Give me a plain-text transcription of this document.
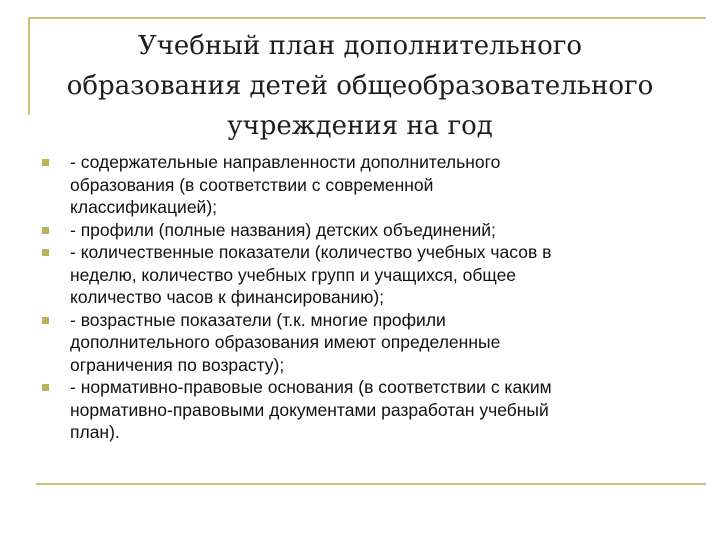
Учебный план дополнительного
образования детей общеобразовательного
учреждения на год
- содержательные направленности дополнительного
образования (в соответствии с современной
классификацией);
- профили (полные названия) детских объединений;
- количественные показатели (количество учебных часов в
неделю, количество учебных групп и учащихся, общее
количество часов к финансированию);
- возрастные показатели (т.к. многие профили
дополнительного образования имеют определенные
ограничения по возрасту);
- нормативно-правовые основания (в соответствии с каким
нормативно-правовыми документами разработан учебный
план).
